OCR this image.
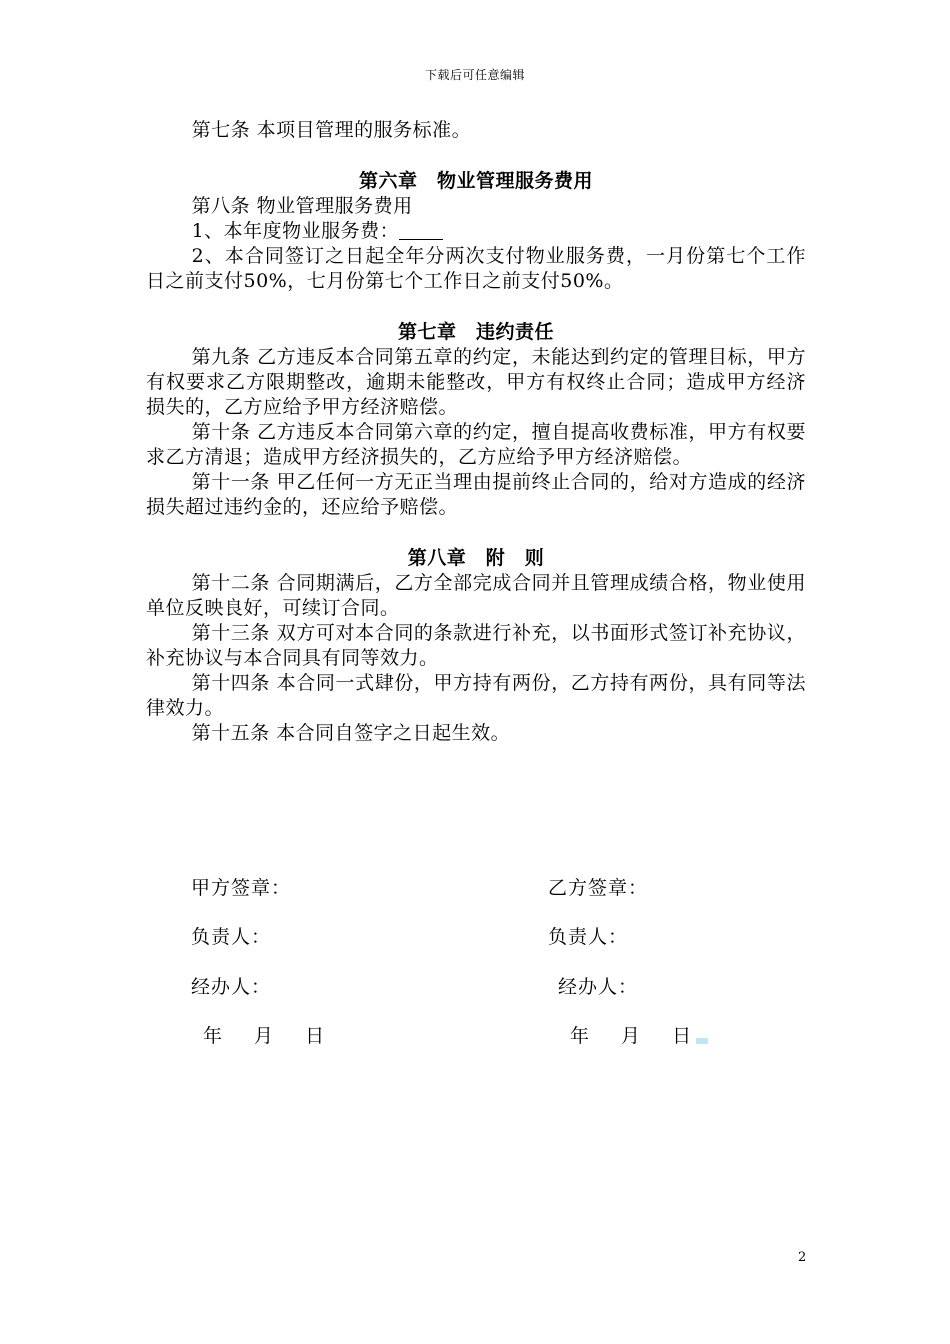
下载后可任意编辑

第七条 本项目管理的服务标准。

第六章　物业管理服务费用

第八条 物业管理服务费用

1、本年度物业服务费：

2、本合同签订之日起全年分两次支付物业服务费，一月份第七个工作日之前支付50%，七月份第七个工作日之前支付50%。

第七章　违约责任

第九条 乙方违反本合同第五章的约定，未能达到约定的管理目标，甲方有权要求乙方限期整改，逾期未能整改，甲方有权终止合同；造成甲方经济损失的，乙方应给予甲方经济赔偿。

第十条 乙方违反本合同第六章的约定，擅自提高收费标准，甲方有权要求乙方清退；造成甲方经济损失的，乙方应给予甲方经济赔偿。

第十一条 甲乙任何一方无正当理由提前终止合同的，给对方造成的经济损失超过违约金的，还应给予赔偿。

第八章　附　则

第十二条 合同期满后，乙方全部完成合同并且管理成绩合格，物业使用单位反映良好，可续订合同。

第十三条 双方可对本合同的条款进行补充，以书面形式签订补充协议，补充协议与本合同具有同等效力。

第十四条 本合同一式肆份，甲方持有两份，乙方持有两份，具有同等法律效力。

第十五条 本合同自签字之日起生效。

甲方签章：	乙方签章：
负责人：	负责人：
经办人：	经办人：
年 月 日	年 月 日
2
